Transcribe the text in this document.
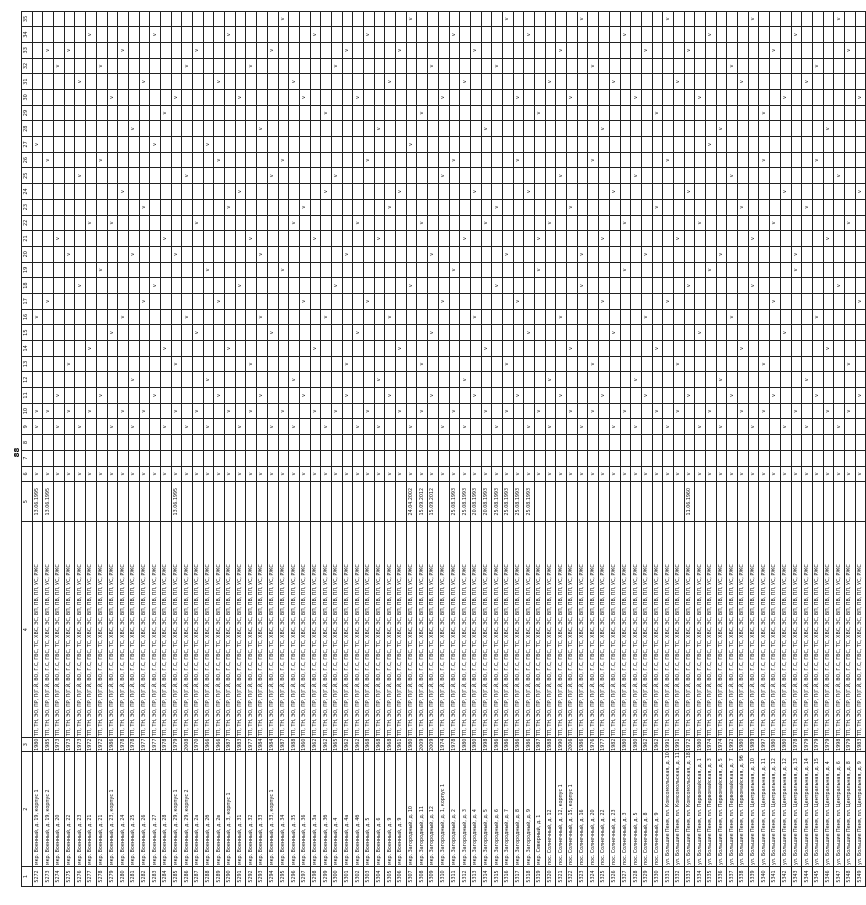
88
1	2	3	4	5	6	7	8	9	10	11	12	13	14	15	16	17	18	19	20	21	22	23	24	25	26	27	28	29	30	31	32	33	34	35
5272	мкр. Военный, д. 19, корпус 1	1980	ТП, ТН, ЭО, ПР, П(Г.Й, ВО, Г.С, ГВС, ТС, ХВС, ЭС, ВП, ПВ, ПЛ, УС, РЖС	13.06.1995	v			v	v						v											v								
5273	мкр. Военный, д. 19, корпус 2	1985	ТП, ТН, ЭО, ПР, П(Г.Й, ВО, Г.С, ГВС, ТС, ХВС, ЭС, ВП, ПВ, ПЛ, УС, РЖС	13.06.1995	v				v							v									v							v		
5274	мкр. Военный, д. 20	1973	ТП, ТН, ЭО, ПР, П(Г.Й, ВО, Г.С, ГВС, ТС, ХВС, ЭС, ВП, ПВ, ПЛ, УС, РЖС		v			v		v										v											v			
5275	мкр. Военный, д. 22	1973	ТП, ТН, ЭО, ПР, П(Г.Й, ВО, Г.С, ГВС, ТС, ХВС, ЭС, ВП, ПВ, ПЛ, УС, РЖС		v				v			v							v													v		
5276	мкр. Военный, д. 23	1973	ТП, ТН, ЭО, ПР, П(Г.Й, ВО, Г.С, ГВС, ТС, ХВС, ЭС, ВП, ПВ, ПЛ, УС, РЖС		v			v									v							v						v				
5277	мкр. Военный, д. 21	1972	ТП, ТН, ЭО, ПР, П(Г.Й, ВО, Г.С, ГВС, ТС, ХВС, ЭС, ВП, ПВ, ПЛ, УС, РЖС		v				v				v								v												v	
5278	мкр. Военный, д. 21	1972	ТП, ТН, ЭО, ПР, П(Г.Й, ВО, Г.С, ГВС, ТС, ХВС, ЭС, ВП, ПВ, ПЛ, УС, РЖС		v					v								v							v						v			
5279	мкр. Военный, д. 23, корпус 1	1986	ТП, ТН, ЭО, ПР, П(Г.Й, ВО, Г.С, ГВС, ТС, ХВС, ЭС, ВП, ПВ, ПЛ, УС, РЖС		v			v						v							v								v					
5280	мкр. Военный, д. 24	1978	ТП, ТН, ЭО, ПР, П(Г.Й, ВО, Г.С, ГВС, ТС, ХВС, ЭС, ВП, ПВ, ПЛ, УС, РЖС		v				v						v								v									v		
5281	мкр. Военный, д. 25	1978	ТП, ТН, ЭО, ПР, П(Г.Й, ВО, Г.С, ГВС, ТС, ХВС, ЭС, ВП, ПВ, ПЛ, УС, РЖС		v			v			v								v								v							
5282	мкр. Военный, д. 26	1977	ТП, ТН, ЭО, ПР, П(Г.Й, ВО, Г.С, ГВС, ТС, ХВС, ЭС, ВП, ПВ, ПЛ, УС, РЖС		v				v							v						v								v				
5283	мкр. Военный, д. 27	1977	ТП, ТН, ЭО, ПР, П(Г.Й, ВО, Г.С, ГВС, ТС, ХВС, ЭС, ВП, ПВ, ПЛ, УС, РЖС		v					v							v									v							v	
5284	мкр. Военный, д. 28	1978	ТП, ТН, ЭО, ПР, П(Г.Й, ВО, Г.С, ГВС, ТС, ХВС, ЭС, ВП, ПВ, ПЛ, УС, РЖС		v			v					v							v								v						
5285	мкр. Военный, д. 29, корпус 1	1979	ТП, ТН, ЭО, ПР, П(Г.Й, ВО, Г.С, ГВС, ТС, ХВС, ЭС, ВП, ПВ, ПЛ, УС, РЖС	13.06.1995	v				v			v							v										v					
5286	мкр. Военный, д. 29, корпус 2	2008	ТП, ТН, ЭО, ПР, П(Г.Й, ВО, Г.С, ГВС, ТС, ХВС, ЭС, ВП, ПВ, ПЛ, УС, РЖС		v			v							v									v							v			
5287	мкр. Военный, д. 2а	1970	ТП, ТН, ЭО, ПР, П(Г.Й, ВО, Г.С, ГВС, ТС, ХВС, ЭС, ВП, ПВ, ПЛ, УС, РЖС		v				v					v							v											v		
5288	мкр. Военный, д. 2б	1966	ТП, ТН, ЭО, ПР, П(Г.Й, ВО, Г.С, ГВС, ТС, ХВС, ЭС, ВП, ПВ, ПЛ, УС, РЖС		v			v			v							v								v								
5289	мкр. Военный, д. 2в	1966	ТП, ТН, ЭО, ПР, П(Г.Й, ВО, Г.С, ГВС, ТС, ХВС, ЭС, ВП, ПВ, ПЛ, УС, РЖС		v					v						v									v					v				
5290	мкр. Военный, д. 3, корпус 1	1987	ТП, ТН, ЭО, ПР, П(Г.Й, ВО, Г.С, ГВС, ТС, ХВС, ЭС, ВП, ПВ, ПЛ, УС, РЖС		v				v				v									v											v	
5291	мкр. Военный, д. 31	1983	ТП, ТН, ЭО, ПР, П(Г.Й, ВО, Г.С, ГВС, ТС, ХВС, ЭС, ВП, ПВ, ПЛ, УС, РЖС		v			v									v						v						v					
5292	мкр. Военный, д. 32	1977	ТП, ТН, ЭО, ПР, П(Г.Й, ВО, Г.С, ГВС, ТС, ХВС, ЭС, ВП, ПВ, ПЛ, УС, РЖС		v				v			v								v											v			
5293	мкр. Военный, д. 33	1984	ТП, ТН, ЭО, ПР, П(Г.Й, ВО, Г.С, ГВС, ТС, ХВС, ЭС, ВП, ПВ, ПЛ, УС, РЖС		v					v					v				v								v							
5294	мкр. Военный, д. 33, корпус 1	1984	ТП, ТН, ЭО, ПР, П(Г.Й, ВО, Г.С, ГВС, ТС, ХВС, ЭС, ВП, ПВ, ПЛ, УС, РЖС		v			v						v										v								v		
5295	мкр. Военный, д. 34	1987	ТП, ТН, ЭО, ПР, П(Г.Й, ВО, Г.С, ГВС, ТС, ХВС, ЭС, ВП, ПВ, ПЛ, УС, РЖС		v				v									v							v									v
5296	мкр. Военный, д. 35	1988	ТП, ТН, ЭО, ПР, П(Г.Й, ВО, Г.С, ГВС, ТС, ХВС, ЭС, ВП, ПВ, ПЛ, УС, РЖС		v			v			v										v									v				
5297	мкр. Военный, д. 36	1960	ТП, ТН, ЭО, ПР, П(Г.Й, ВО, Г.С, ГВС, ТС, ХВС, ЭС, ВП, ПВ, ПЛ, УС, РЖС		v					v						v						v							v					
5298	мкр. Военный, д. 3а	1962	ТП, ТН, ЭО, ПР, П(Г.Й, ВО, Г.С, ГВС, ТС, ХВС, ЭС, ВП, ПВ, ПЛ, УС, РЖС		v				v				v							v													v	
5299	мкр. Военный, д. 3б	1962	ТП, ТН, ЭО, ПР, П(Г.Й, ВО, Г.С, ГВС, ТС, ХВС, ЭС, ВП, ПВ, ПЛ, УС, РЖС		v			v							v								v					v						
5300	мкр. Военный, д. 4	1965	ТП, ТН, ЭО, ПР, П(Г.Й, ВО, Г.С, ГВС, ТС, ХВС, ЭС, ВП, ПВ, ПЛ, УС, РЖС		v				v								v							v							v			
5301	мкр. Военный, д. 4а	1962	ТП, ТН, ЭО, ПР, П(Г.Й, ВО, Г.С, ГВС, ТС, ХВС, ЭС, ВП, ПВ, ПЛ, УС, РЖС		v					v		v							v													v		
5302	мкр. Военный, д. 4б	1962	ТП, ТН, ЭО, ПР, П(Г.Й, ВО, Г.С, ГВС, ТС, ХВС, ЭС, ВП, ПВ, ПЛ, УС, РЖС		v			v						v							v								v					
5303	мкр. Военный, д. 5	1968	ТП, ТН, ЭО, ПР, П(Г.Й, ВО, Г.С, ГВС, ТС, ХВС, ЭС, ВП, ПВ, ПЛ, УС, РЖС		v				v							v									v								v	
5304	мкр. Военный, д. 6	1968	ТП, ТН, ЭО, ПР, П(Г.Й, ВО, Г.С, ГВС, ТС, ХВС, ЭС, ВП, ПВ, ПЛ, УС, РЖС		v			v			v									v							v							
5305	мкр. Военный, д. 9	1968	ТП, ТН, ЭО, ПР, П(Г.Й, ВО, Г.С, ГВС, ТС, ХВС, ЭС, ВП, ПВ, ПЛ, УС, РЖС		v					v					v							v								v				
5306	мкр. Военный, д. 9	1961	ТП, ТН, ЭО, ПР, П(Г.Й, ВО, Г.С, ГВС, ТС, ХВС, ЭС, ВП, ПВ, ПЛ, УС, РЖС		v				v				v										v									v		
5307	мкр. Загородный, д. 10	1980	ТП, ТН, ЭО, ПР, П(Г.Й, ВО, Г.С, ГВС, ТС, ХВС, ЭС, ВП, ПВ, ПЛ, УС, РЖС	24.04.2002	v			v									v									v								v
5308	мкр. Загородный, д. 11	2009	ТП, ТН, ЭО, ПР, П(Г.Й, ВО, Г.С, ГВС, ТС, ХВС, ЭС, ВП, ПВ, ПЛ, УС, РЖС	15.09.2012	v				v			v									v							v						
5309	мкр. Загородный, д. 12	2009	ТП, ТН, ЭО, ПР, П(Г.Й, ВО, Г.С, ГВС, ТС, ХВС, ЭС, ВП, ПВ, ПЛ, УС, РЖС	15.09.2012	v					v				v					v												v			
5310	мкр. Загородный, д. 1, корпус 1	1974	ТП, ТН, ЭО, ПР, П(Г.Й, ВО, Г.С, ГВС, ТС, ХВС, ЭС, ВП, ПВ, ПЛ, УС, РЖС		v			v								v								v					v					
5311	мкр. Загородный, д. 2	1978	ТП, ТН, ЭО, ПР, П(Г.Й, ВО, Г.С, ГВС, ТС, ХВС, ЭС, ВП, ПВ, ПЛ, УС, РЖС	25.08.1993	v				v									v							v								v	
5312	мкр. Загородный, д. 3	1980	ТП, ТН, ЭО, ПР, П(Г.Й, ВО, Г.С, ГВС, ТС, ХВС, ЭС, ВП, ПВ, ПЛ, УС, РЖС	25.08.1993	v			v			v									v										v				
5313	мкр. Загородный, д. 4	1980	ТП, ТН, ЭО, ПР, П(Г.Й, ВО, Г.С, ГВС, ТС, ХВС, ЭС, ВП, ПВ, ПЛ, УС, РЖС	20.08.1993	v					v					v								v									v		
5314	мкр. Загородный, д. 5	1998	ТП, ТН, ЭО, ПР, П(Г.Й, ВО, Г.С, ГВС, ТС, ХВС, ЭС, ВП, ПВ, ПЛ, УС, РЖС	20.08.1993	v				v				v								v						v							
5315	мкр. Загородный, д. 6	1986	ТП, ТН, ЭО, ПР, П(Г.Й, ВО, Г.С, ГВС, ТС, ХВС, ЭС, ВП, ПВ, ПЛ, УС, РЖС	25.08.1993	v			v									v					v									v			
5316	мкр. Загородный, д. 7	1986	ТП, ТН, ЭО, ПР, П(Г.Й, ВО, Г.С, ГВС, ТС, ХВС, ЭС, ВП, ПВ, ПЛ, УС, РЖС	25.08.1993	v				v			v							v															v
5317	мкр. Загородный, д. 8	1986	ТП, ТН, ЭО, ПР, П(Г.Й, ВО, Г.С, ГВС, ТС, ХВС, ЭС, ВП, ПВ, ПЛ, УС, РЖС	25.08.1993	v					v						v									v				v					
5318	мкр. Загородный, д. 9	1986	ТП, ТН, ЭО, ПР, П(Г.Й, ВО, Г.С, ГВС, ТС, ХВС, ЭС, ВП, ПВ, ПЛ, УС, РЖС	25.08.1993	v			v						v									v										v	
5319	мкр. Северный, д. 1	1987	ТП, ТН, ЭО, ПР, П(Г.Й, ВО, Г.С, ГВС, ТС, ХВС, ЭС, ВП, ПВ, ПЛ, УС, РЖС		v				v									v		v								v						
5320	пос. Солнечный, д. 12	1988	ТП, ТН, ЭО, ПР, П(Г.Й, ВО, Г.С, ГВС, ТС, ХВС, ЭС, ВП, ПВ, ПЛ, УС, РЖС		v			v			v										v									v				
5321	пос. Солнечный, д. 12, корпус 1	1990	ТП, ТН, ЭО, ПР, П(Г.Й, ВО, Г.С, ГВС, ТС, ХВС, ЭС, ВП, ПВ, ПЛ, УС, РЖС		v					v					v									v								v		
5322	пос. Солнечный, д. 15, корпус 1	2006	ТП, ТН, ЭО, ПР, П(Г.Й, ВО, Г.С, ГВС, ТС, ХВС, ЭС, ВП, ПВ, ПЛ, УС, РЖС		v				v				v									v							v					
5323	пос. Солнечный, д. 16	1986	ТП, ТН, ЭО, ПР, П(Г.Й, ВО, Г.С, ГВС, ТС, ХВС, ЭС, ВП, ПВ, ПЛ, УС, РЖС		v			v									v		v															v
5324	пос. Солнечный, д. 20	1976	ТП, ТН, ЭО, ПР, П(Г.Й, ВО, Г.С, ГВС, ТС, ХВС, ЭС, ВП, ПВ, ПЛ, УС, РЖС		v				v			v													v						v			
5325	пос. Солнечный, д. 22	1977	ТП, ТН, ЭО, ПР, П(Г.Й, ВО, Г.С, ГВС, ТС, ХВС, ЭС, ВП, ПВ, ПЛ, УС, РЖС		v					v						v				v							v							
5326	пос. Солнечный, д. 23	1982	ТП, ТН, ЭО, ПР, П(Г.Й, ВО, Г.С, ГВС, ТС, ХВС, ЭС, ВП, ПВ, ПЛ, УС, РЖС		v			v						v									v							v				
5327	пос. Солнечный, д. 3	1980	ТП, ТН, ЭО, ПР, П(Г.Й, ВО, Г.С, ГВС, ТС, ХВС, ЭС, ВП, ПВ, ПЛ, УС, РЖС		v				v									v			v												v	
5328	пос. Солнечный, д. 5	1980	ТП, ТН, ЭО, ПР, П(Г.Й, ВО, Г.С, ГВС, ТС, ХВС, ЭС, ВП, ПВ, ПЛ, УС, РЖС		v			v			v													v					v					
5329	пос. Солнечный, д. 8	1962	ТП, ТН, ЭО, ПР, П(Г.Й, ВО, Г.С, ГВС, ТС, ХВС, ЭС, ВП, ПВ, ПЛ, УС, РЖС		v					v					v				v													v		
5330	пос. Солнечный, д. 9	1962	ТП, ТН, ЭО, ПР, П(Г.Й, ВО, Г.С, ГВС, ТС, ХВС, ЭС, ВП, ПВ, ПЛ, УС, РЖС		v				v				v									v						v						
5331	ул. Большие Пеня, пл. Комсомольская, д. 10	1991	ТП, ТН, ЭО, ПР, П(Г.Й, ВО, Г.С, ГВС, ТС, ХВС, ЭС, ВП, ПВ, ПЛ, УС, РЖС		v			v								v									v									v
5332	ул. Большие Пеня, пл. Комсомольская, д. 11	1991	ТП, ТН, ЭО, ПР, П(Г.Й, ВО, Г.С, ГВС, ТС, ХВС, ЭС, ВП, ПВ, ПЛ, УС, РЖС		v				v			v								v										v				
5333	ул. Большие Пеня, пл. Комсомольская, д. 18	1972	ТП, ТН, ЭО, ПР, П(Г.Й, ВО, Г.С, ГВС, ТС, ХВС, ЭС, ВП, ПВ, ПЛ, УС, РЖС	11.06.1960	v					v							v						v									v		
5334	ул. Большие Пеня, пл. Первомайская, д. 1	1980	ТП, ТН, ЭО, ПР, П(Г.Й, ВО, Г.С, ГВС, ТС, ХВС, ЭС, ВП, ПВ, ПЛ, УС, РЖС		v			v						v							v								v					
5335	ул. Большие Пеня, пл. Первомайская, д. 3	1974	ТП, ТН, ЭО, ПР, П(Г.Й, ВО, Г.С, ГВС, ТС, ХВС, ЭС, ВП, ПВ, ПЛ, УС, РЖС		v				v									v								v							v	
5336	ул. Большие Пеня, пл. Первомайская, д. 5	1974	ТП, ТН, ЭО, ПР, П(Г.Й, ВО, Г.С, ГВС, ТС, ХВС, ЭС, ВП, ПВ, ПЛ, УС, РЖС		v			v			v								v								v							
5337	ул. Большие Пеня, пл. Первомайская, д. 7	1992	ТП, ТН, ЭО, ПР, П(Г.Й, ВО, Г.С, ГВС, ТС, ХВС, ЭС, ВП, ПВ, ПЛ, УС, РЖС		v					v					v									v							v			
5338	ул. Большие Пеня, пл. Первомайская, д. 9б	1980	ТП, ТН, ЭО, ПР, П(Г.Й, ВО, Г.С, ГВС, ТС, ХВС, ЭС, ВП, ПВ, ПЛ, УС, РЖС		v				v				v									v								v				
5339	ул. Большие Пеня, пл. Центральная, д. 10	1989	ТП, ТН, ЭО, ПР, П(Г.Й, ВО, Г.С, ГВС, ТС, ХВС, ЭС, ВП, ПВ, ПЛ, УС, РЖС		v			v									v			v														v
5340	ул. Большие Пеня, пл. Центральная, д. 11	1997	ТП, ТН, ЭО, ПР, П(Г.Й, ВО, Г.С, ГВС, ТС, ХВС, ЭС, ВП, ПВ, ПЛ, УС, РЖС		v				v			v													v			v						
5341	ул. Большие Пеня, пл. Центральная, д. 12	1980	ТП, ТН, ЭО, ПР, П(Г.Й, ВО, Г.С, ГВС, ТС, ХВС, ЭС, ВП, ПВ, ПЛ, УС, РЖС		v					v						v					v											v		
5342	ул. Большие Пеня, пл. Центральная, д. 12	1980	ТП, ТН, ЭО, ПР, П(Г.Й, ВО, Г.С, ГВС, ТС, ХВС, ЭС, ВП, ПВ, ПЛ, УС, РЖС		v			v						v									v						v					
5343	ул. Большие Пеня, пл. Центральная, д. 13	1978	ТП, ТН, ЭО, ПР, П(Г.Й, ВО, Г.С, ГВС, ТС, ХВС, ЭС, ВП, ПВ, ПЛ, УС, РЖС		v				v									v	v														v	
5344	ул. Большие Пеня, пл. Центральная, д. 14	1979	ТП, ТН, ЭО, ПР, П(Г.Й, ВО, Г.С, ГВС, ТС, ХВС, ЭС, ВП, ПВ, ПЛ, УС, РЖС		v			v			v											v								v				
5345	ул. Большие Пеня, пл. Центральная, д. 15	1979	ТП, ТН, ЭО, ПР, П(Г.Й, ВО, Г.С, ГВС, ТС, ХВС, ЭС, ВП, ПВ, ПЛ, УС, РЖС		v					v					v										v						v			
5346	ул. Большие Пеня, пл. Центральная, д. 4	1979	ТП, ТН, ЭО, ПР, П(Г.Й, ВО, Г.С, ГВС, ТС, ХВС, ЭС, ВП, ПВ, ПЛ, УС, РЖС		v				v				v							v							v							
5347	ул. Большие Пеня, пл. Центральная, д. 6	1998	ТП, ТН, ЭО, ПР, П(Г.Й, ВО, Г.С, ГВС, ТС, ХВС, ЭС, ВП, ПВ, ПЛ, УС, РЖС		v			v									v							v										v
5348	ул. Большие Пеня, пл. Центральная, д. 8	1979	ТП, ТН, ЭО, ПР, П(Г.Й, ВО, Г.С, ГВС, ТС, ХВС, ЭС, ВП, ПВ, ПЛ, УС, РЖС		v				v			v									v											v		
5349	ул. Большие Пеня, пл. Центральная, д. 9	1983	ТП, ТН, ЭО, ПР, П(Г.Й, ВО, Г.С, ГВС, ТС, ХВС, ЭС, ВП, ПВ, ПЛ, УС, РЖС		v					v						v							v						v					
